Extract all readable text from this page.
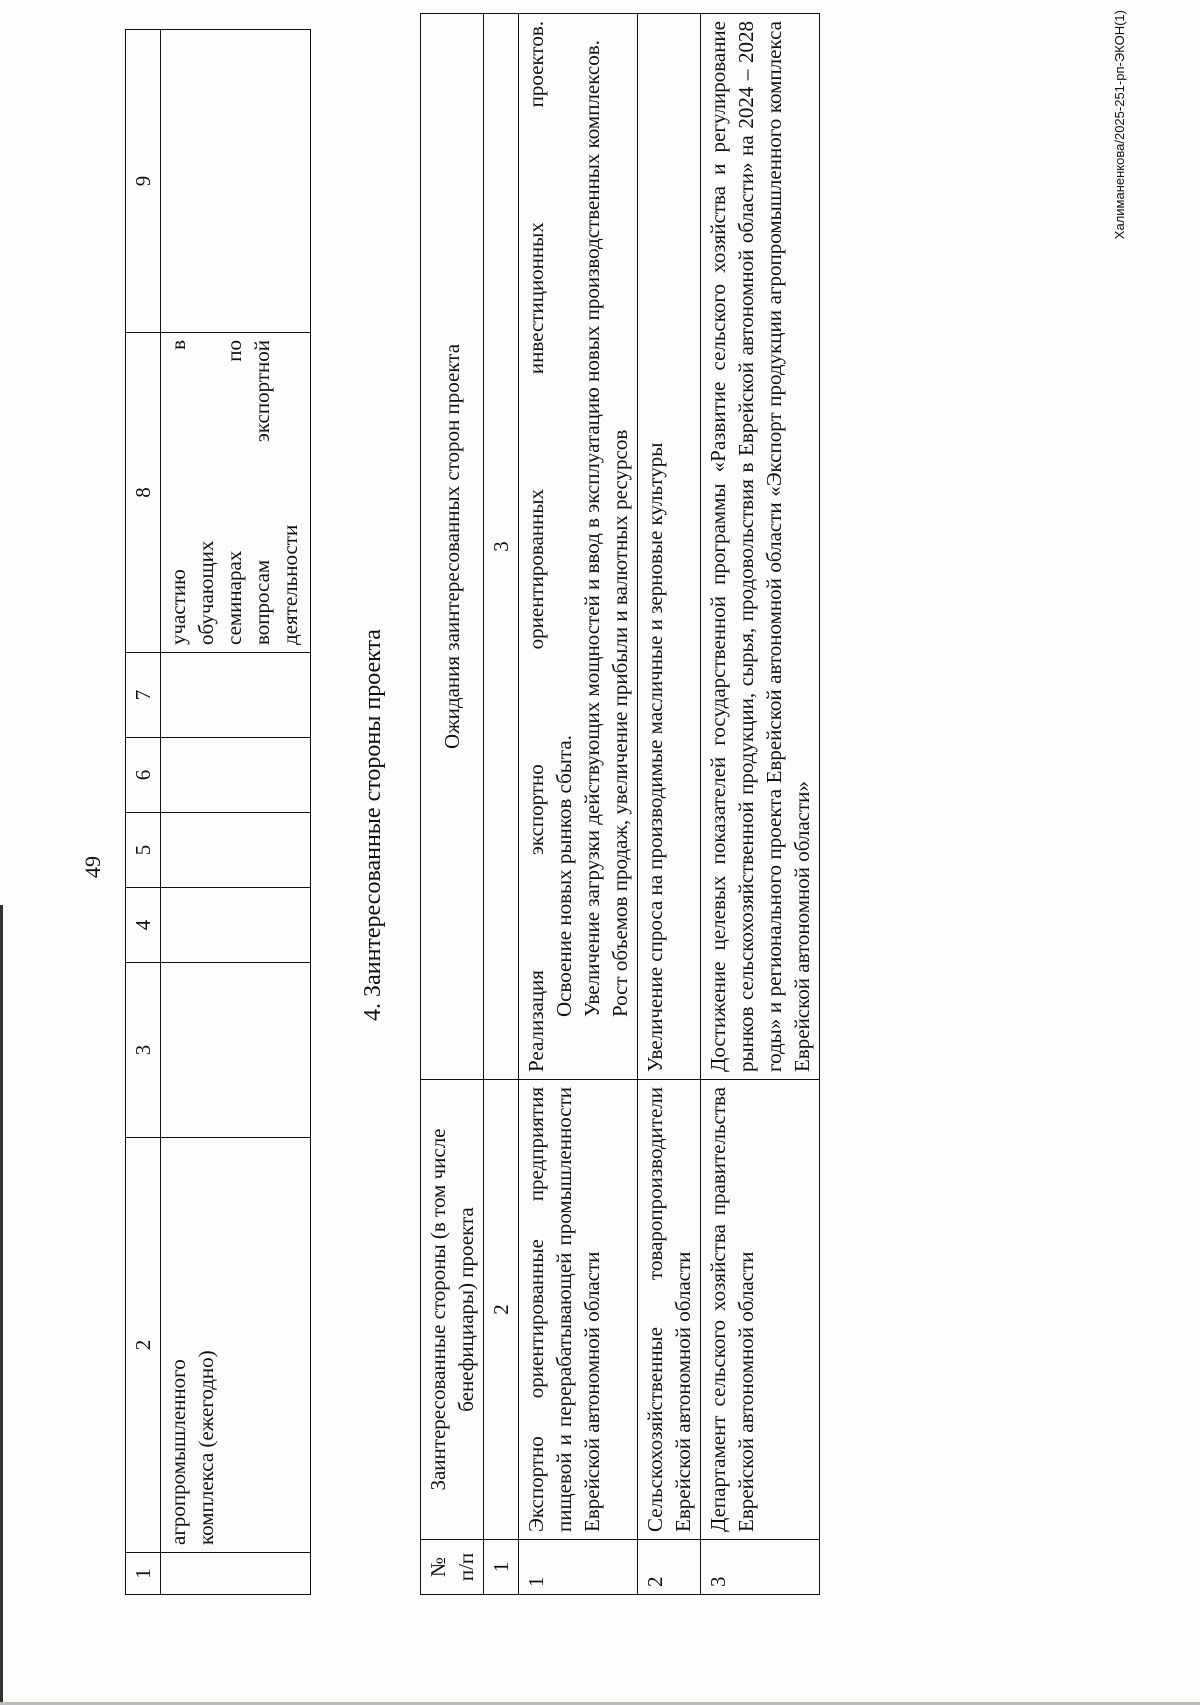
49
1	2	3	4	5	6	7	8	9

	агропромышленного комплекса (ежегодно)						участию в обучающих семинарах по вопросам экспортной деятельности	

4. Заинтересованные стороны проекта
№ п/п	Заинтересованные стороны (в том числе бенефициары) проекта	Ожидания заинтересованных сторон проекта
1	2	3
1	Экспортно ориентированные предприятия пищевой и перерабатывающей промышленности Еврейской автономной области	Реализация экспортно ориентированных инвестиционных проектов. Освоение новых рынков сбыта. Увеличение загрузки действующих мощностей и ввод в эксплуатацию новых производственных комплексов. Рост объемов продаж, увеличение прибыли и валютных ресурсов

2	Сельскохозяйственные товаропроизводители Еврейской автономной области	Увеличение спроса на производимые масличные и зерновые культуры

3	Департамент сельского хозяйства правительства Еврейской автономной области	Достижение целевых показателей государственной программы «Развитие сельского хозяйства и регулирование рынков сельскохозяйственной продукции, сырья, продовольствия в Еврейской автономной области» на 2024 – 2028 годы» и регионального проекта Еврейской автономной области «Экспорт продукции агропромышленного комплекса Еврейской автономной области»
Халиманенкова/2025-251-рп-ЭКОН(1)
